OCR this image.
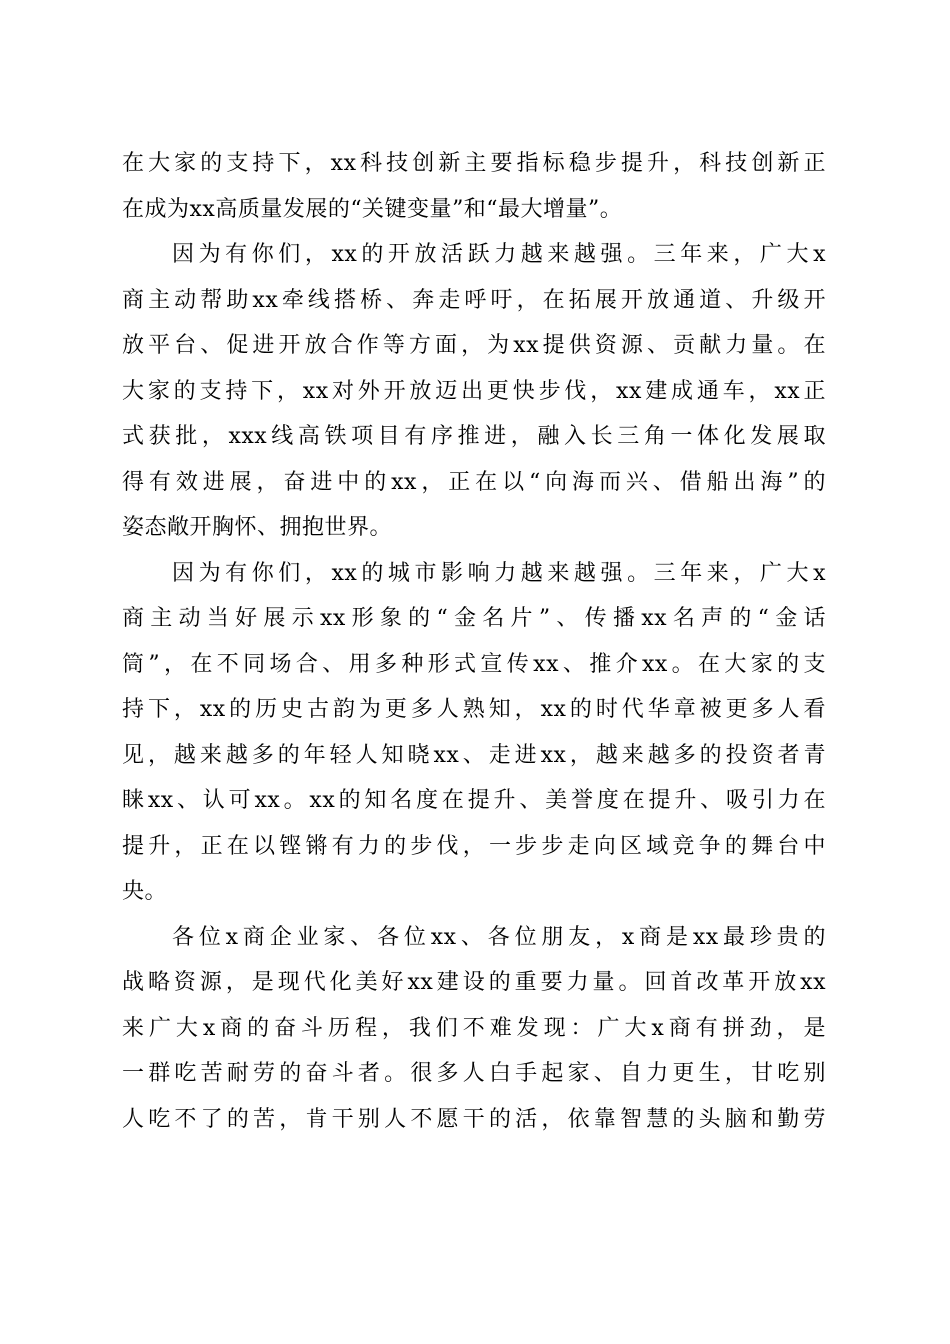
在大家的支持下，xx科技创新主要指标稳步提升，科技创新正
在成为xx高质量发展的“关键变量”和“最大增量”。
因为有你们，xx的开放活跃力越来越强。三年来，广大x
商主动帮助xx牵线搭桥、奔走呼吁，在拓展开放通道、升级开
放平台、促进开放合作等方面，为xx提供资源、贡献力量。在
大家的支持下，xx对外开放迈出更快步伐，xx建成通车，xx正
式获批，xxx线高铁项目有序推进，融入长三角一体化发展取
得有效进展，奋进中的xx，正在以“向海而兴、借船出海”的
姿态敞开胸怀、拥抱世界。
因为有你们，xx的城市影响力越来越强。三年来，广大x
商主动当好展示xx形象的“金名片”、传播xx名声的“金话
筒”，在不同场合、用多种形式宣传xx、推介xx。在大家的支
持下，xx的历史古韵为更多人熟知，xx的时代华章被更多人看
见，越来越多的年轻人知晓xx、走进xx，越来越多的投资者青
睐xx、认可xx。xx的知名度在提升、美誉度在提升、吸引力在
提升，正在以铿锵有力的步伐，一步步走向区域竞争的舞台中
央。
各位x商企业家、各位xx、各位朋友，x商是xx最珍贵的
战略资源，是现代化美好xx建设的重要力量。回首改革开放xx
来广大x商的奋斗历程，我们不难发现：广大x商有拼劲，是
一群吃苦耐劳的奋斗者。很多人白手起家、自力更生，甘吃别
人吃不了的苦，肯干别人不愿干的活，依靠智慧的头脑和勤劳
